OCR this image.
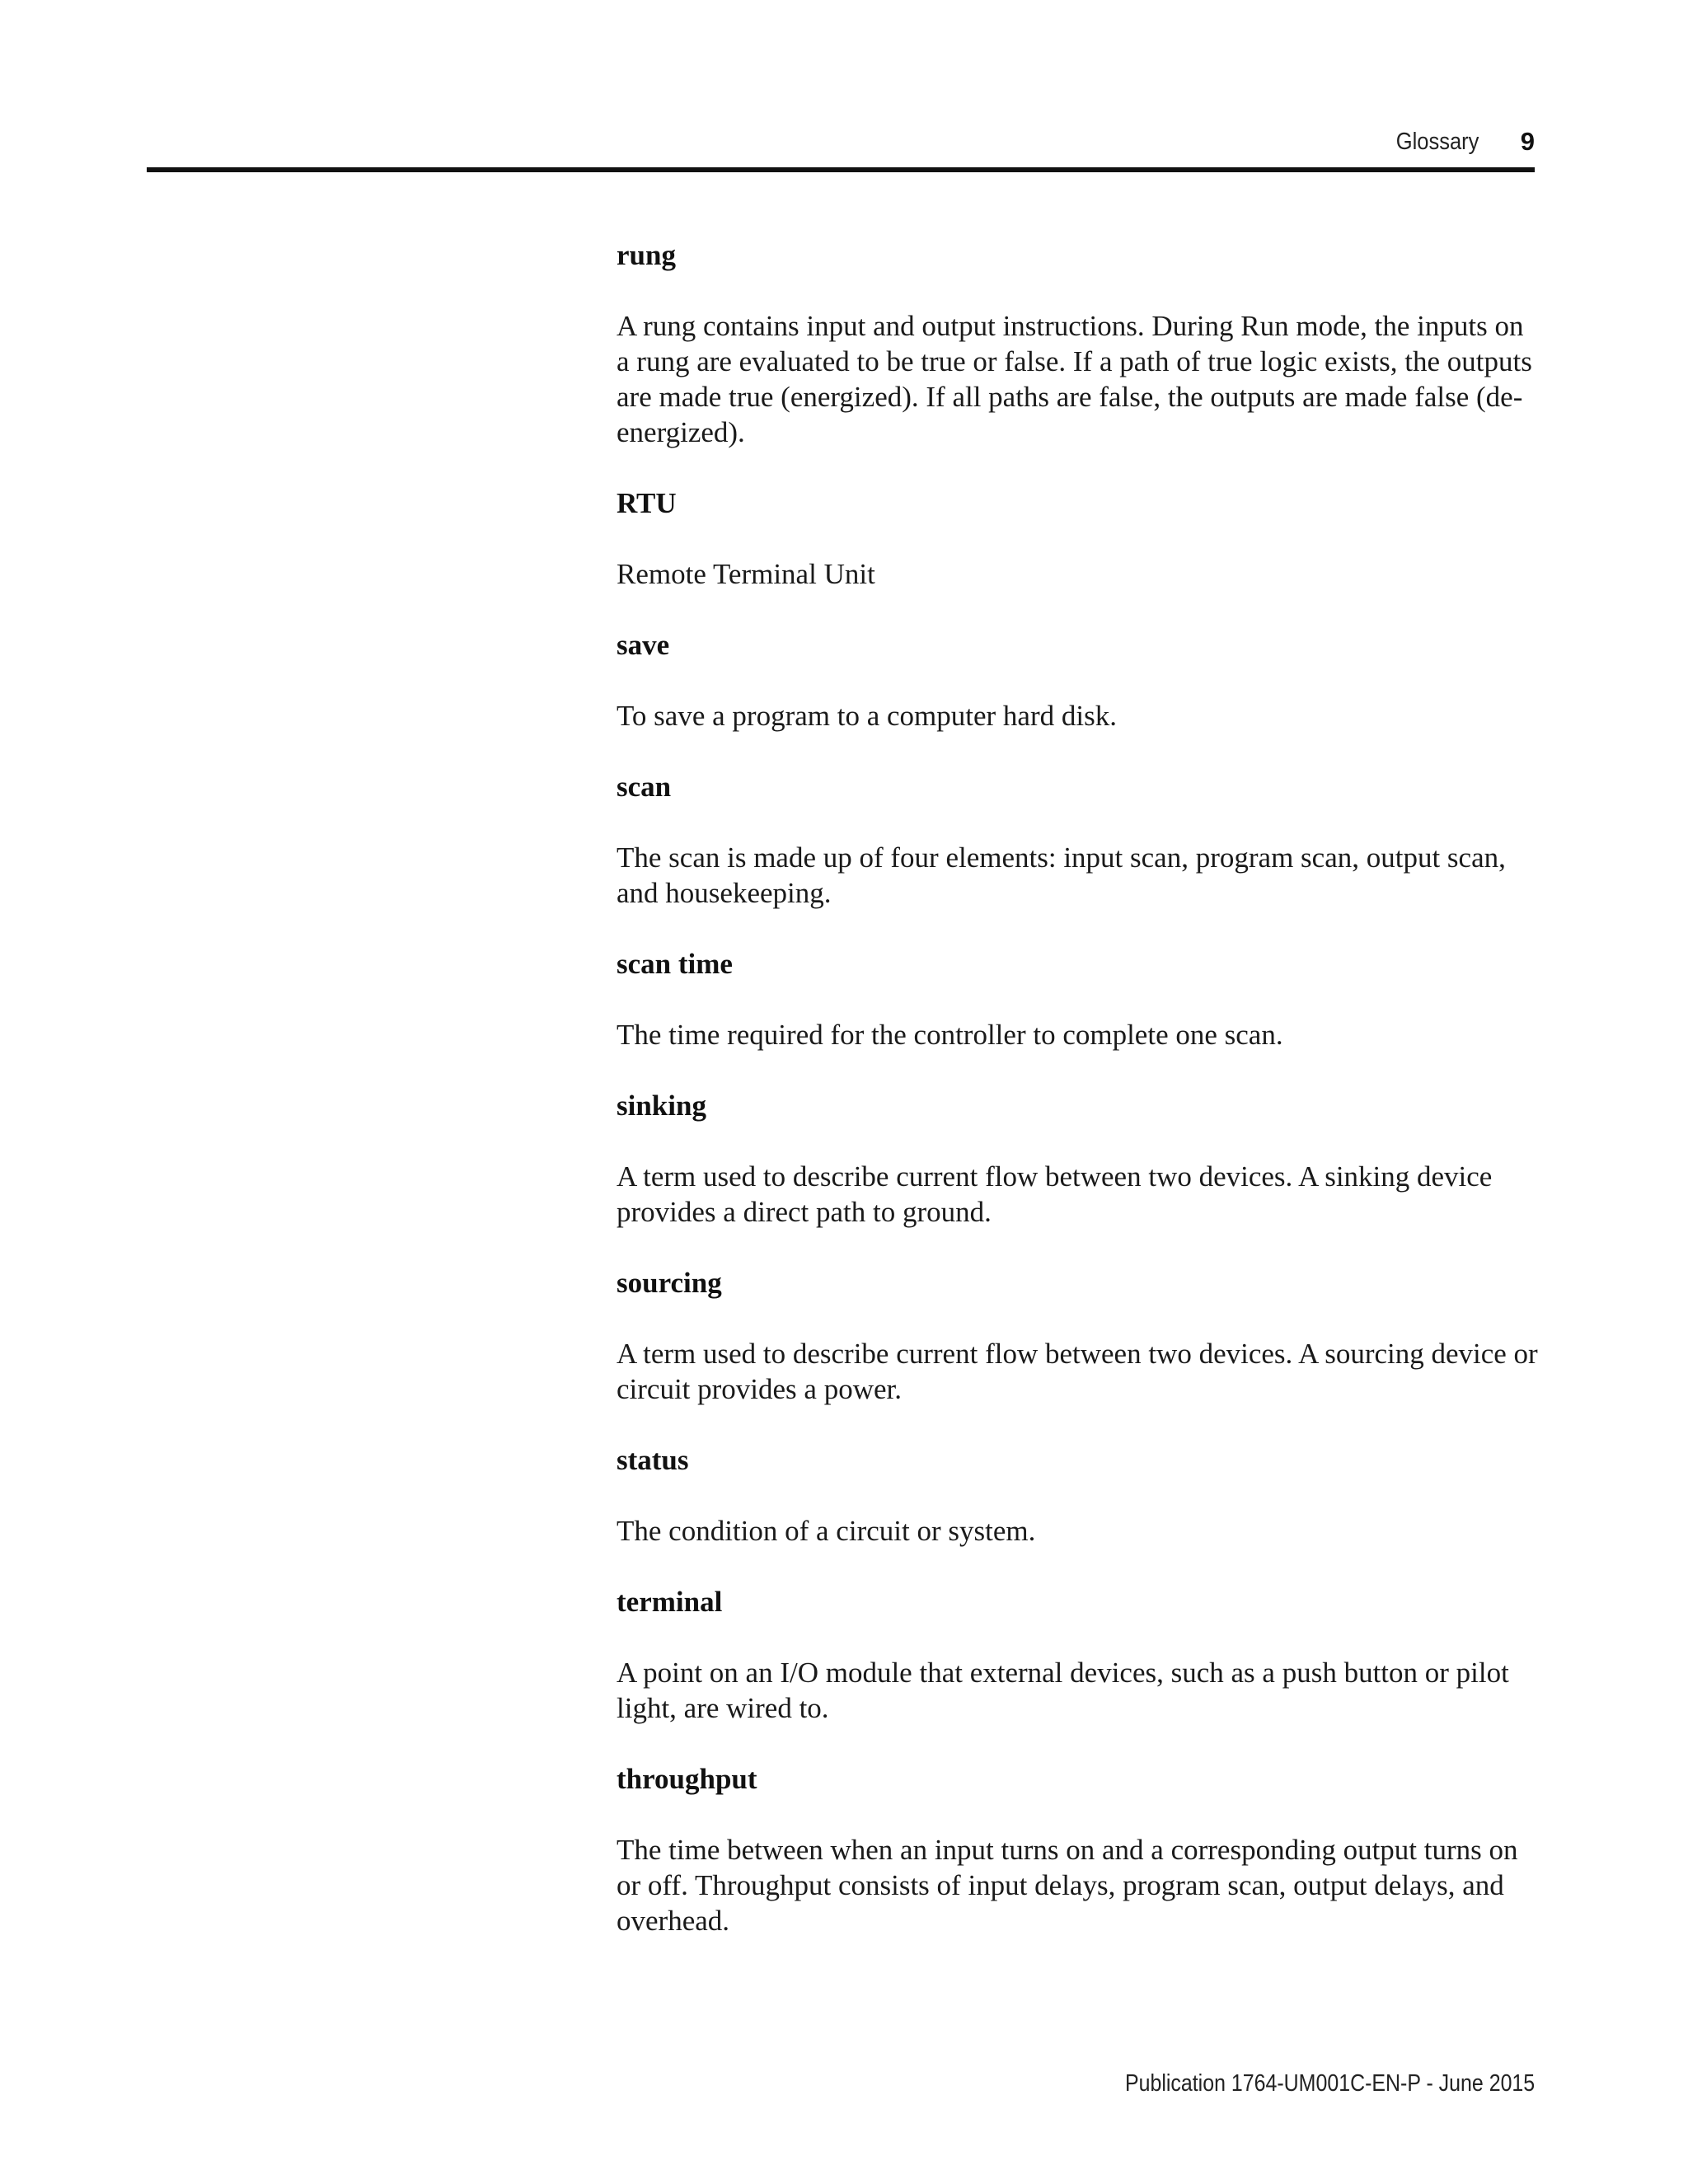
Glossary 9
rung
A rung contains input and output instructions. During Run mode, the inputs on a rung are evaluated to be true or false. If a path of true logic exists, the outputs are made true (energized). If all paths are false, the outputs are made false (de-energized).
RTU
Remote Terminal Unit
save
To save a program to a computer hard disk.
scan
The scan is made up of four elements: input scan, program scan, output scan, and housekeeping.
scan time
The time required for the controller to complete one scan.
sinking
A term used to describe current flow between two devices. A sinking device provides a direct path to ground.
sourcing
A term used to describe current flow between two devices. A sourcing device or circuit provides a power.
status
The condition of a circuit or system.
terminal
A point on an I/O module that external devices, such as a push button or pilot light, are wired to.
throughput
The time between when an input turns on and a corresponding output turns on or off. Throughput consists of input delays, program scan, output delays, and overhead.
Publication 1764-UM001C-EN-P - June 2015
